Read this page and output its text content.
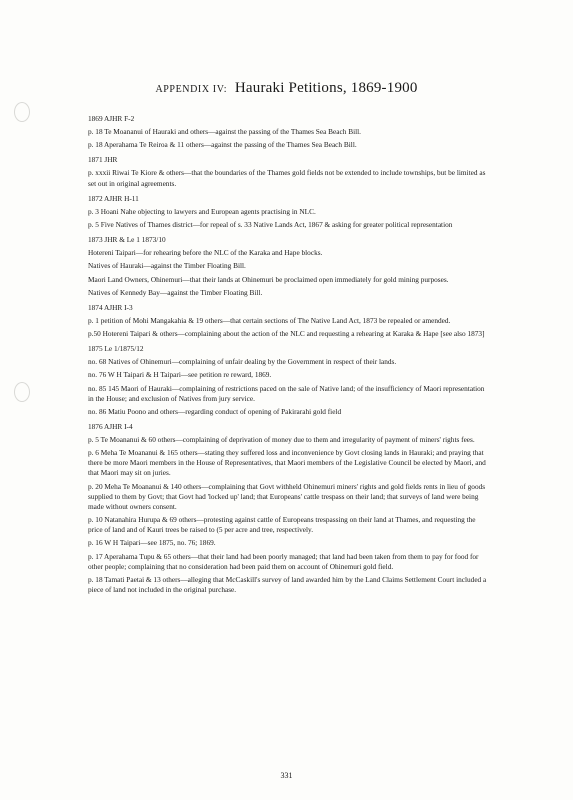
APPENDIX IV: Hauraki Petitions, 1869-1900
1869 AJHR F-2
p. 18 Te Moananui of Hauraki and others—against the passing of the Thames Sea Beach Bill.
p. 18 Aperahama Te Reiroa & 11 others—against the passing of the Thames Sea Beach Bill.
1871 JHR
p. xxxii Riwai Te Kiore & others—that the boundaries of the Thames gold fields not be extended to include townships, but be limited as set out in original agreements.
1872 AJHR H-11
p. 3 Hoani Nahe objecting to lawyers and European agents practising in NLC.
p. 5 Five Natives of Thames district—for repeal of s. 33 Native Lands Act, 1867 & asking for greater political representation
1873 JHR & Le 1 1873/10
Hotereni Taipari—for rehearing before the NLC of the Karaka and Hape blocks.
Natives of Hauraki—against the Timber Floating Bill.
Maori Land Owners, Ohinemuri—that their lands at Ohinemuri be proclaimed open immediately for gold mining purposes.
Natives of Kennedy Bay—against the Timber Floating Bill.
1874 AJHR I-3
p. 1 petition of Mohi Mangakahia & 19 others—that certain sections of The Native Land Act, 1873 be repealed or amended.
p.50 Hotereni Taipari & others—complaining about the action of the NLC and requesting a rehearing at Karaka & Hape [see also 1873]
1875 Le 1/1875/12
no. 68 Natives of Ohinemuri—complaining of unfair dealing by the Government in respect of their lands.
no. 76 W H Taipari & H Taipari—see petition re reward, 1869.
no. 85 145 Maori of Hauraki—complaining of restrictions paced on the sale of Native land; of the insufficiency of Maori representation in the House; and exclusion of Natives from jury service.
no. 86 Matiu Poono and others—regarding conduct of opening of Pakirarahi gold field
1876 AJHR I-4
p. 5 Te Moananui & 60 others—complaining of deprivation of money due to them and irregularity of payment of miners' rights fees.
p. 6 Meha Te Moananui & 165 others—stating they suffered loss and inconvenience by Govt closing lands in Hauraki; and praying that there be more Maori members in the House of Representatives, that Maori members of the Legislative Council be elected by Maori, and that Maori may sit on juries.
p. 20 Meha Te Moananui & 140 others—complaining that Govt withheld Ohinemuri miners' rights and gold fields rents in lieu of goods supplied to them by Govt; that Govt had 'locked up' land; that Europeans' cattle trespass on their land; that surveys of land were being made without owners consent.
p. 10 Natanahira Hurupa & 69 others—protesting against cattle of Europeans trespassing on their land at Thames, and requesting the price of land and of Kauri trees be raised to (5 per acre and tree, respectively.
p. 16 W H Taipari—see 1875, no. 76; 1869.
p. 17 Aperahama Tupu & 65 others—that their land had been poorly managed; that land had been taken from them to pay for food for other people; complaining that no consideration had been paid them on account of Ohinemuri gold field.
p. 18 Tamati Paetai & 13 others—alleging that McCaskill's survey of land awarded him by the Land Claims Settlement Court included a piece of land not included in the original purchase.
331
